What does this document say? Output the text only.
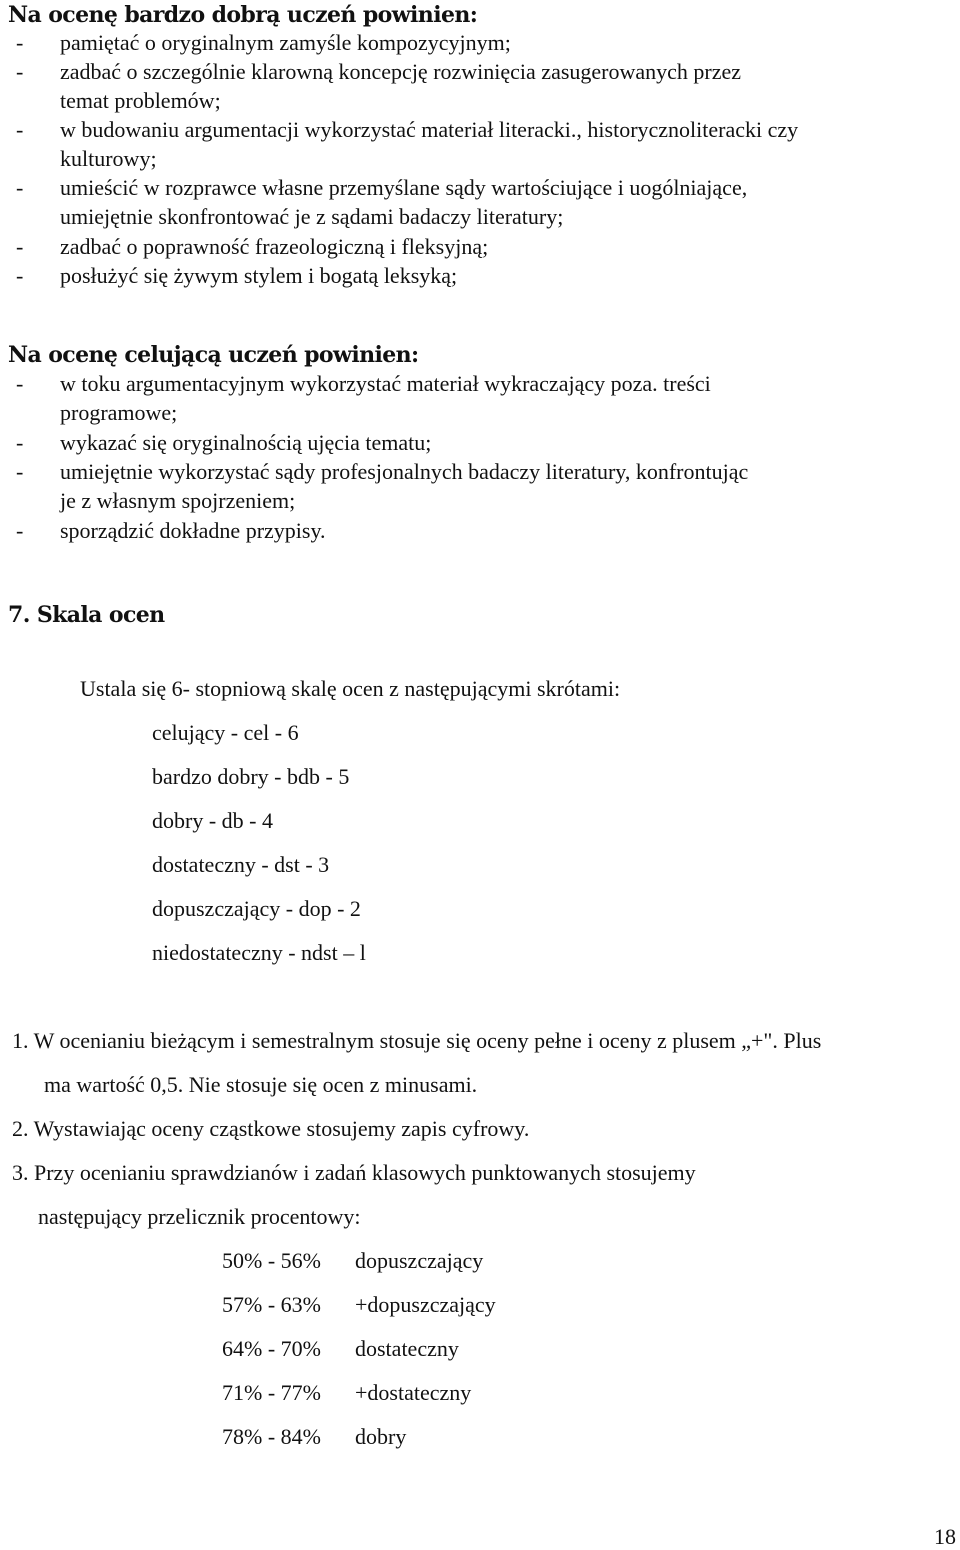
Na ocenę bardzo dobrą uczeń powinien:
- pamiętać o oryginalnym zamyśle kompozycyjnym;
- zadbać o szczególnie klarowną koncepcję rozwinięcia zasugerowanych przez
temat problemów;
- w budowaniu argumentacji wykorzystać materiał literacki., historycznoliteracki czy
kulturowy;
- umieścić w rozprawce własne przemyślane sądy wartościujące i uogólniające,
umiejętnie skonfrontować je z sądami badaczy literatury;
- zadbać o poprawność frazeologiczną i fleksyjną;
- posłużyć się żywym stylem i bogatą leksyką;
Na ocenę celującą uczeń powinien:
- w toku argumentacyjnym wykorzystać materiał wykraczający poza. treści
programowe;
- wykazać się oryginalnością ujęcia tematu;
- umiejętnie wykorzystać sądy profesjonalnych badaczy literatury, konfrontując
je z własnym spojrzeniem;
- sporządzić dokładne przypisy.
7. Skala ocen
Ustala się 6- stopniową skalę ocen z następującymi skrótami:
celujący - cel - 6
bardzo dobry - bdb - 5
dobry - db - 4
dostateczny - dst - 3
dopuszczający - dop - 2
niedostateczny - ndst – l
1. W ocenianiu bieżącym i semestralnym stosuje się oceny pełne i oceny z plusem „+". Plus
ma wartość 0,5. Nie stosuje się ocen z minusami.
2. Wystawiając oceny cząstkowe stosujemy zapis cyfrowy.
3. Przy ocenianiu sprawdzianów i zadań klasowych punktowanych stosujemy
następujący przelicznik procentowy:
50% - 56% dopuszczający
57% - 63% +dopuszczający
64% - 70% dostateczny
71% - 77% +dostateczny
78% - 84% dobry
18
